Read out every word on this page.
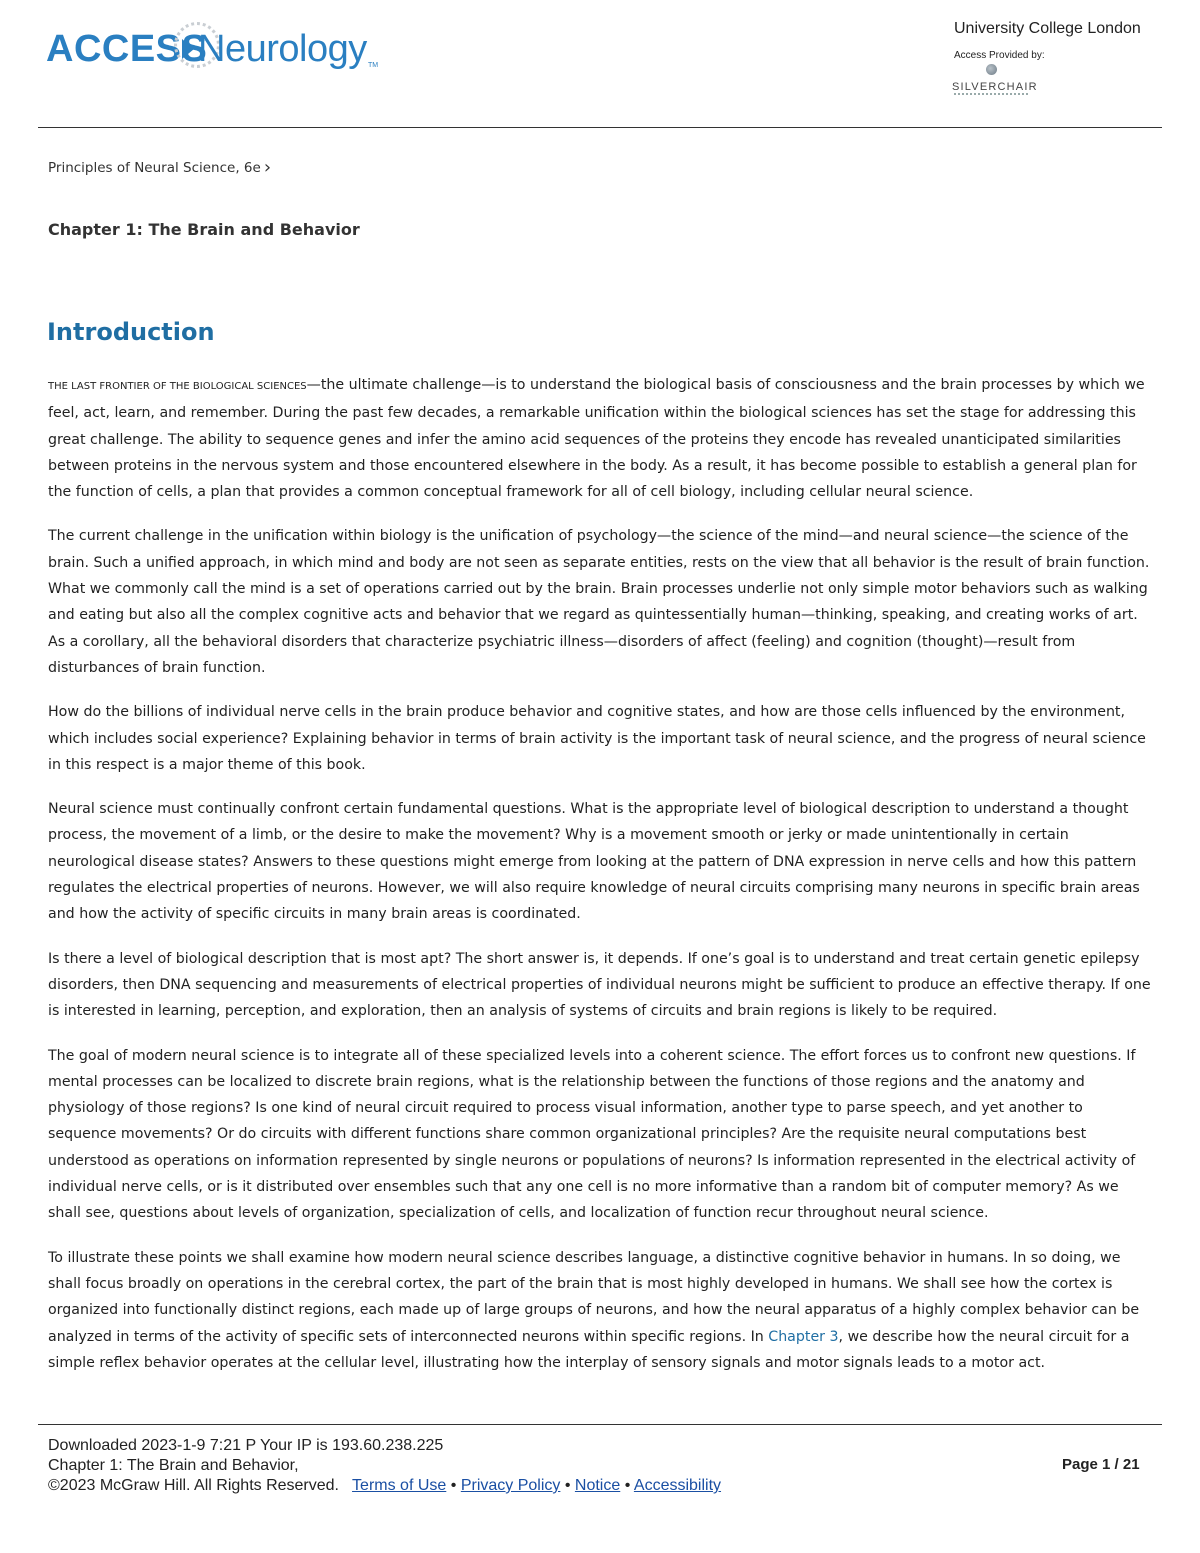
ACCESS
Neurology TM
University College London
Access Provided by:
SILVERCHAIR
Principles of Neural Science, 6e ›
Chapter 1: The Brain and Behavior
Introduction

THE LAST FRONTIER OF THE BIOLOGICAL SCIENCES—the ultimate challenge—is to understand the biological basis of consciousness and the brain processes by which we feel, act, learn, and remember. During the past few decades, a remarkable unification within the biological sciences has set the stage for addressing this great challenge. The ability to sequence genes and infer the amino acid sequences of the proteins they encode has revealed unanticipated similarities between proteins in the nervous system and those encountered elsewhere in the body. As a result, it has become possible to establish a general plan for the function of cells, a plan that provides a common conceptual framework for all of cell biology, including cellular neural science.

The current challenge in the unification within biology is the unification of psychology—the science of the mind—and neural science—the science of the brain. Such a unified approach, in which mind and body are not seen as separate entities, rests on the view that all behavior is the result of brain function. What we commonly call the mind is a set of operations carried out by the brain. Brain processes underlie not only simple motor behaviors such as walking and eating but also all the complex cognitive acts and behavior that we regard as quintessentially human—thinking, speaking, and creating works of art. As a corollary, all the behavioral disorders that characterize psychiatric illness—disorders of affect (feeling) and cognition (thought)—result from disturbances of brain function.

How do the billions of individual nerve cells in the brain produce behavior and cognitive states, and how are those cells influenced by the environment, which includes social experience? Explaining behavior in terms of brain activity is the important task of neural science, and the progress of neural science in this respect is a major theme of this book.

Neural science must continually confront certain fundamental questions. What is the appropriate level of biological description to understand a thought process, the movement of a limb, or the desire to make the movement? Why is a movement smooth or jerky or made unintentionally in certain neurological disease states? Answers to these questions might emerge from looking at the pattern of DNA expression in nerve cells and how this pattern regulates the electrical properties of neurons. However, we will also require knowledge of neural circuits comprising many neurons in specific brain areas and how the activity of specific circuits in many brain areas is coordinated.

Is there a level of biological description that is most apt? The short answer is, it depends. If one’s goal is to understand and treat certain genetic epilepsy disorders, then DNA sequencing and measurements of electrical properties of individual neurons might be sufficient to produce an effective therapy. If one is interested in learning, perception, and exploration, then an analysis of systems of circuits and brain regions is likely to be required.

The goal of modern neural science is to integrate all of these specialized levels into a coherent science. The effort forces us to confront new questions. If mental processes can be localized to discrete brain regions, what is the relationship between the functions of those regions and the anatomy and physiology of those regions? Is one kind of neural circuit required to process visual information, another type to parse speech, and yet another to sequence movements? Or do circuits with different functions share common organizational principles? Are the requisite neural computations best understood as operations on information represented by single neurons or populations of neurons? Is information represented in the electrical activity of individual nerve cells, or is it distributed over ensembles such that any one cell is no more informative than a random bit of computer memory? As we shall see, questions about levels of organization, specialization of cells, and localization of function recur throughout neural science.

To illustrate these points we shall examine how modern neural science describes language, a distinctive cognitive behavior in humans. In so doing, we shall focus broadly on operations in the cerebral cortex, the part of the brain that is most highly developed in humans. We shall see how the cortex is organized into functionally distinct regions, each made up of large groups of neurons, and how the neural apparatus of a highly complex behavior can be analyzed in terms of the activity of specific sets of interconnected neurons within specific regions. In Chapter 3, we describe how the neural circuit for a simple reflex behavior operates at the cellular level, illustrating how the interplay of sensory signals and motor signals leads to a motor act.

Downloaded 2023-1-9 7:21 P Your IP is 193.60.238.225
Chapter 1: The Brain and Behavior,
©2023 McGraw Hill. All Rights Reserved. Terms of Use • Privacy Policy • Notice • Accessibility
Page 1 / 21
